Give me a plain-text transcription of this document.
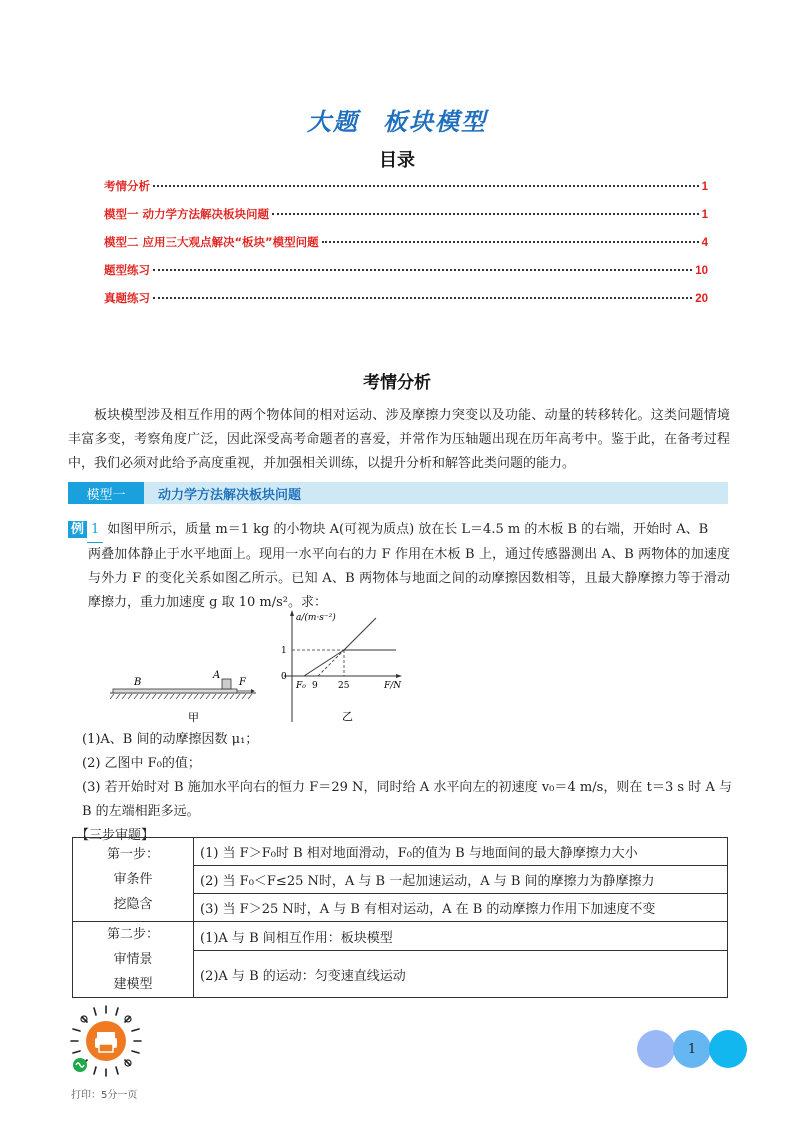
大题 板块模型
目录
考情分析	1
模型一 动力学方法解决板块问题	1
模型二 应用三大观点解决“板块”模型问题	4
题型练习	10
真题练习	20
考情分析
板块模型涉及相互作用的两个物体间的相对运动、涉及摩擦力突变以及功能、动量的转移转化。这类问题情境丰富多变，考察角度广泛，因此深受高考命题者的喜爱，并常作为压轴题出现在历年高考中。鉴于此，在备考过程中，我们必须对此给予高度重视，并加强相关训练，以提升分析和解答此类问题的能力。
模型一	动力学方法解决板块问题
例 1 如图甲所示，质量 m＝1 kg 的小物块 A(可视为质点) 放在长 L＝4.5 m 的木板 B 的右端，开始时 A、B
两叠加体静止于水平地面上。现用一水平向右的力 F 作用在木板 B 上，通过传感器测出 A、B 两物体的加速度与外力 F 的变化关系如图乙所示。已知 A、B 两物体与地面之间的动摩擦因数相等，且最大静摩擦力等于滑动摩擦力，重力加速度 g 取 10 m/s²。求：
B
A
F
甲
a/(m·s⁻²)
1
0
F₀ 9 25	F/N
乙
(1)A、B 间的动摩擦因数 μ₁；
(2) 乙图中 F₀的值；
(3) 若开始时对 B 施加水平向右的恒力 F＝29 N，同时给 A 水平向左的初速度 v₀＝4 m/s，则在 t＝3 s 时 A 与 B 的左端相距多远。
【三步审题】
第一步：
审条件
挖隐含	(1) 当 F＞F₀时 B 相对地面滑动，F₀的值为 B 与地面间的最大静摩擦力大小
	(2) 当 F₀＜F≤25 N时，A 与 B 一起加速运动，A 与 B 间的摩擦力为静摩擦力
	(3) 当 F＞25 N时，A 与 B 有相对运动，A 在 B 的动摩擦力作用下加速度不变

第二步：
审情景
建模型	(1)A 与 B 间相互作用：板块模型
	(2)A 与 B 的运动：匀变速直线运动
打印：5分一页
1
